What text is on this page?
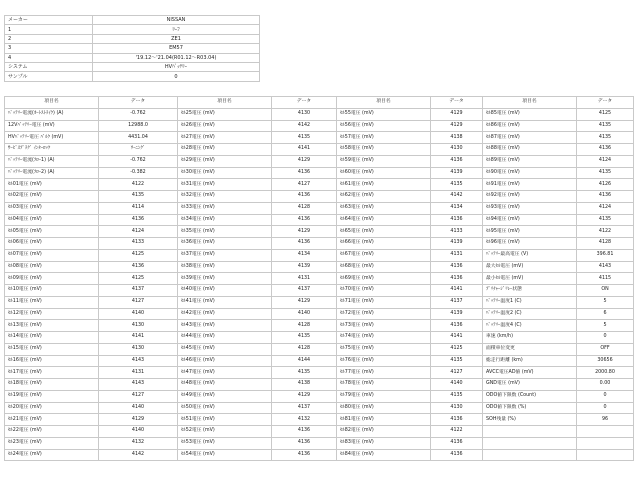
メーカー	NISSAN
1	ﾘｰﾌ
2	ZE1
3	EM57
4	'19.12～'21.04(R01.12～R03.04)
システム	HVﾊﾞｯﾃﾘｰ
サンプル	0
項目名	データ	項目名	データ	項目名	データ	項目名	データ
ﾊﾞｯﾃﾘｰ電流(ｵｰﾄｽﾄﾗｲｸ) (A)	-0.762	ｾﾙ25電圧 (mV)	4130	ｾﾙ55電圧 (mV)	4129	ｾﾙ85電圧 (mV)	4125
12Vﾊﾞｯﾃﾘｰ電圧 (mV)	12988.0	ｾﾙ26電圧 (mV)	4142	ｾﾙ56電圧 (mV)	4129	ｾﾙ86電圧 (mV)	4135
HVﾊﾞｯﾃﾘｰ電圧 ﾊﾞﾙｸ (mV)	4431.04	ｾﾙ27電圧 (mV)	4135	ｾﾙ57電圧 (mV)	4138	ｾﾙ87電圧 (mV)	4135
ｻｰﾋﾞｽﾌﾟﾗｸﾞ ｲﾝﾀｰﾛｯｸ	ﾜｰﾆﾝｸﾞ	ｾﾙ28電圧 (mV)	4141	ｾﾙ58電圧 (mV)	4130	ｾﾙ88電圧 (mV)	4136
ﾊﾞｯﾃﾘｰ電流(ﾌﾛｰ1) (A)	-0.762	ｾﾙ29電圧 (mV)	4129	ｾﾙ59電圧 (mV)	4136	ｾﾙ89電圧 (mV)	4124
ﾊﾞｯﾃﾘｰ電流(ﾌﾛｰ2) (A)	-0.382	ｾﾙ30電圧 (mV)	4136	ｾﾙ60電圧 (mV)	4139	ｾﾙ90電圧 (mV)	4135
ｾﾙ01電圧 (mV)	4122	ｾﾙ31電圧 (mV)	4127	ｾﾙ61電圧 (mV)	4135	ｾﾙ91電圧 (mV)	4126
ｾﾙ02電圧 (mV)	4135	ｾﾙ32電圧 (mV)	4136	ｾﾙ62電圧 (mV)	4142	ｾﾙ92電圧 (mV)	4136
ｾﾙ03電圧 (mV)	4114	ｾﾙ33電圧 (mV)	4128	ｾﾙ63電圧 (mV)	4134	ｾﾙ93電圧 (mV)	4124
ｾﾙ04電圧 (mV)	4136	ｾﾙ34電圧 (mV)	4136	ｾﾙ64電圧 (mV)	4136	ｾﾙ94電圧 (mV)	4135
ｾﾙ05電圧 (mV)	4124	ｾﾙ35電圧 (mV)	4129	ｾﾙ65電圧 (mV)	4133	ｾﾙ95電圧 (mV)	4122
ｾﾙ06電圧 (mV)	4133	ｾﾙ36電圧 (mV)	4136	ｾﾙ66電圧 (mV)	4139	ｾﾙ96電圧 (mV)	4128
ｾﾙ07電圧 (mV)	4125	ｾﾙ37電圧 (mV)	4134	ｾﾙ67電圧 (mV)	4131	ﾊﾞｯﾃﾘｰ最高電圧 (V)	396.81
ｾﾙ08電圧 (mV)	4136	ｾﾙ38電圧 (mV)	4139	ｾﾙ68電圧 (mV)	4136	最大ｾﾙ電圧 (mV)	4143
ｾﾙ09電圧 (mV)	4125	ｾﾙ39電圧 (mV)	4131	ｾﾙ69電圧 (mV)	4136	最小ｾﾙ電圧 (mV)	4115
ｾﾙ10電圧 (mV)	4137	ｾﾙ40電圧 (mV)	4137	ｾﾙ70電圧 (mV)	4141	ﾌﾟﾘﾁｬｰｼﾞﾘﾚｰ状態	ON
ｾﾙ11電圧 (mV)	4127	ｾﾙ41電圧 (mV)	4129	ｾﾙ71電圧 (mV)	4137	ﾊﾞｯﾃﾘｰ温度1 (C)	5
ｾﾙ12電圧 (mV)	4140	ｾﾙ42電圧 (mV)	4140	ｾﾙ72電圧 (mV)	4139	ﾊﾞｯﾃﾘｰ温度2 (C)	6
ｾﾙ13電圧 (mV)	4130	ｾﾙ43電圧 (mV)	4128	ｾﾙ73電圧 (mV)	4136	ﾊﾞｯﾃﾘｰ温度4 (C)	5
ｾﾙ14電圧 (mV)	4141	ｾﾙ44電圧 (mV)	4135	ｾﾙ74電圧 (mV)	4141	車速 (km/h)	0
ｾﾙ15電圧 (mV)	4130	ｾﾙ45電圧 (mV)	4128	ｾﾙ75電圧 (mV)	4125	面積車位変更	OFF
ｾﾙ16電圧 (mV)	4143	ｾﾙ46電圧 (mV)	4144	ｾﾙ76電圧 (mV)	4135	総走行距離 (km)	30656
ｾﾙ17電圧 (mV)	4131	ｾﾙ47電圧 (mV)	4135	ｾﾙ77電圧 (mV)	4127	AVCC電圧AD値 (mV)	2000.80
ｾﾙ18電圧 (mV)	4143	ｾﾙ48電圧 (mV)	4138	ｾﾙ78電圧 (mV)	4140	GND電圧 (mV)	0.00
ｾﾙ19電圧 (mV)	4127	ｾﾙ49電圧 (mV)	4129	ｾﾙ79電圧 (mV)	4135	ODO値下限数 (Count)	0
ｾﾙ20電圧 (mV)	4140	ｾﾙ50電圧 (mV)	4137	ｾﾙ80電圧 (mV)	4130	ODO値下限数 (%)	0
ｾﾙ21電圧 (mV)	4129	ｾﾙ51電圧 (mV)	4132	ｾﾙ81電圧 (mV)	4136	SOH残量 (%)	96
ｾﾙ22電圧 (mV)	4140	ｾﾙ52電圧 (mV)	4136	ｾﾙ82電圧 (mV)	4122		
ｾﾙ23電圧 (mV)	4132	ｾﾙ53電圧 (mV)	4136	ｾﾙ83電圧 (mV)	4136		
ｾﾙ24電圧 (mV)	4142	ｾﾙ54電圧 (mV)	4136	ｾﾙ84電圧 (mV)	4136		
